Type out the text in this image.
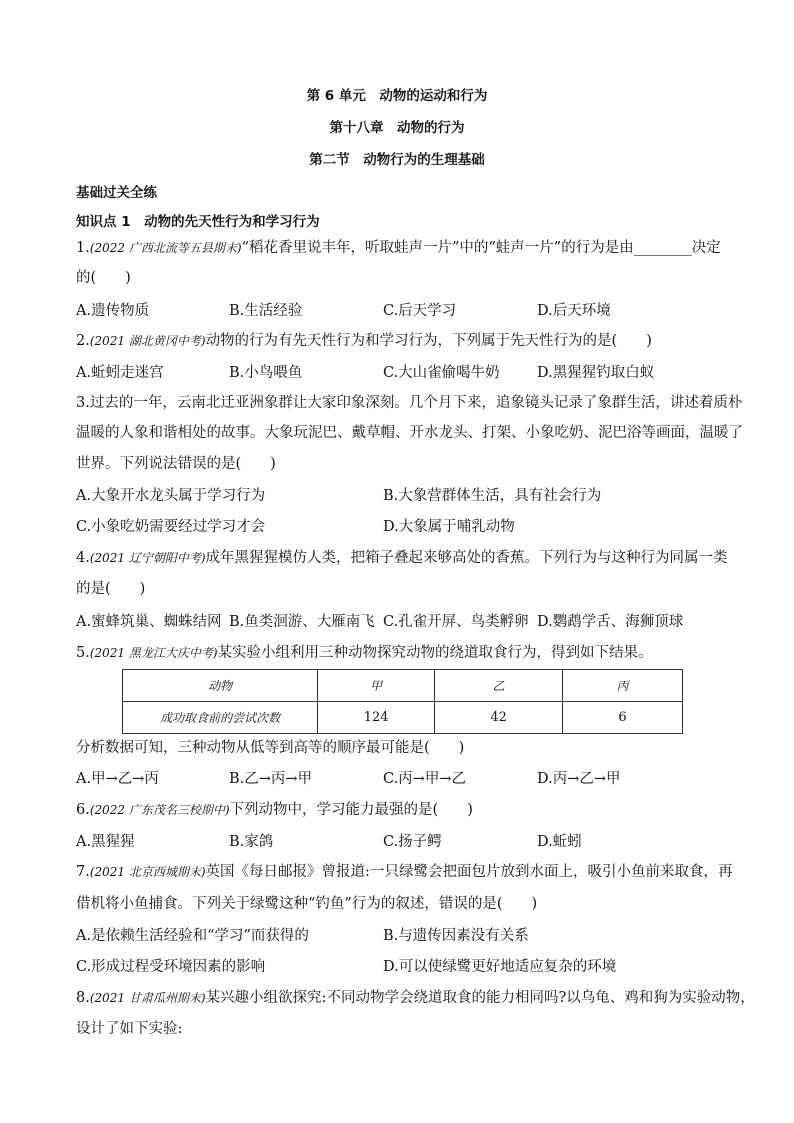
第 6 单元　动物的运动和行为
第十八章　动物的行为
第二节　动物行为的生理基础
基础过关全练
知识点 1　动物的先天性行为和学习行为
1.(2022 广西北流等五县期末)“稻花香里说丰年，听取蛙声一片”中的“蛙声一片”的行为是由________决定
的(　　)
A.遗传物质	B.生活经验	C.后天学习	D.后天环境
2.(2021 湖北黄冈中考)动物的行为有先天性行为和学习行为，下列属于先天性行为的是(　　)
A.蚯蚓走迷宫	B.小鸟喂鱼	C.大山雀偷喝牛奶	D.黑猩猩钓取白蚁
3.过去的一年，云南北迁亚洲象群让大家印象深刻。几个月下来，追象镜头记录了象群生活，讲述着质朴
温暖的人象和谐相处的故事。大象玩泥巴、戴草帽、开水龙头、打架、小象吃奶、泥巴浴等画面，温暖了
世界。下列说法错误的是(　　)
A.大象开水龙头属于学习行为	B.大象营群体生活，具有社会行为
C.小象吃奶需要经过学习才会	D.大象属于哺乳动物
4.(2021 辽宁朝阳中考)成年黑猩猩模仿人类，把箱子叠起来够高处的香蕉。下列行为与这种行为同属一类
的是(　　)
A.蜜蜂筑巢、蜘蛛结网 B.鱼类洄游、大雁南飞 C.孔雀开屏、鸟类孵卵 D.鹦鹉学舌、海狮顶球
5.(2021 黑龙江大庆中考)某实验小组利用三种动物探究动物的绕道取食行为，得到如下结果。
动物	甲	乙	丙
成功取食前的尝试次数	124	42	6
分析数据可知，三种动物从低等到高等的顺序最可能是(　　)
A.甲→乙→丙	B.乙→丙→甲	C.丙→甲→乙	D.丙→乙→甲
6.(2022 广东茂名三校期中)下列动物中，学习能力最强的是(　　)
A.黑猩猩	B.家鸽	C.扬子鳄	D.蚯蚓
7.(2021 北京西城期末)英国《每日邮报》曾报道:一只绿鹭会把面包片放到水面上，吸引小鱼前来取食，再
借机将小鱼捕食。下列关于绿鹭这种“钓鱼”行为的叙述，错误的是(　　)
A.是依赖生活经验和“学习”而获得的	B.与遗传因素没有关系
C.形成过程受环境因素的影响	D.可以使绿鹭更好地适应复杂的环境
8.(2021 甘肃瓜州期末)某兴趣小组欲探究:不同动物学会绕道取食的能力相同吗?以乌龟、鸡和狗为实验动物，
设计了如下实验:
